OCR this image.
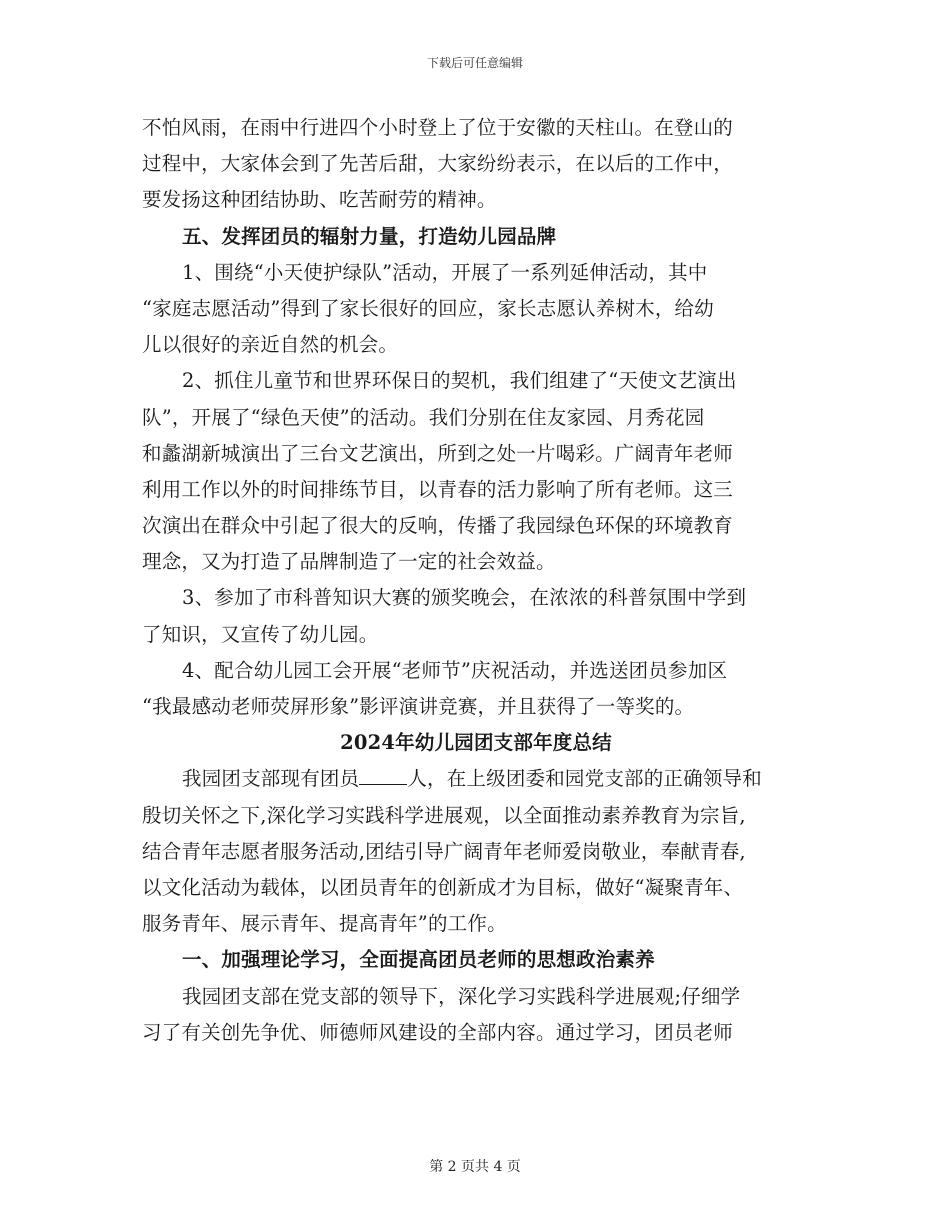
下载后可任意编辑
不怕风雨，在雨中行进四个小时登上了位于安徽的天柱山。在登山的
过程中，大家体会到了先苦后甜，大家纷纷表示，在以后的工作中，
要发扬这种团结协助、吃苦耐劳的精神。
五、发挥团员的辐射力量，打造幼儿园品牌
1、围绕“小天使护绿队”活动，开展了一系列延伸活动，其中
“家庭志愿活动”得到了家长很好的回应，家长志愿认养树木，给幼
儿以很好的亲近自然的机会。
2、抓住儿童节和世界环保日的契机，我们组建了“天使文艺演出
队”，开展了“绿色天使”的活动。我们分别在住友家园、月秀花园
和蠡湖新城演出了三台文艺演出，所到之处一片喝彩。广阔青年老师
利用工作以外的时间排练节目，以青春的活力影响了所有老师。这三
次演出在群众中引起了很大的反响，传播了我园绿色环保的环境教育
理念，又为打造了品牌制造了一定的社会效益。
3、参加了市科普知识大赛的颁奖晚会，在浓浓的科普氛围中学到
了知识，又宣传了幼儿园。
4、配合幼儿园工会开展“老师节”庆祝活动，并选送团员参加区
“我最感动老师荧屏形象”影评演讲竞赛，并且获得了一等奖的。
2024年幼儿园团支部年度总结
我园团支部现有团员 人，在上级团委和园党支部的正确领导和
殷切关怀之下,深化学习实践科学进展观，以全面推动素养教育为宗旨,
结合青年志愿者服务活动,团结引导广阔青年老师爱岗敬业，奉献青春,
以文化活动为载体，以团员青年的创新成才为目标，做好“凝聚青年、
服务青年、展示青年、提高青年”的工作。
一、加强理论学习，全面提高团员老师的思想政治素养
我园团支部在党支部的领导下，深化学习实践科学进展观;仔细学
习了有关创先争优、师德师风建设的全部内容。通过学习，团员老师
第 2 页共 4 页
